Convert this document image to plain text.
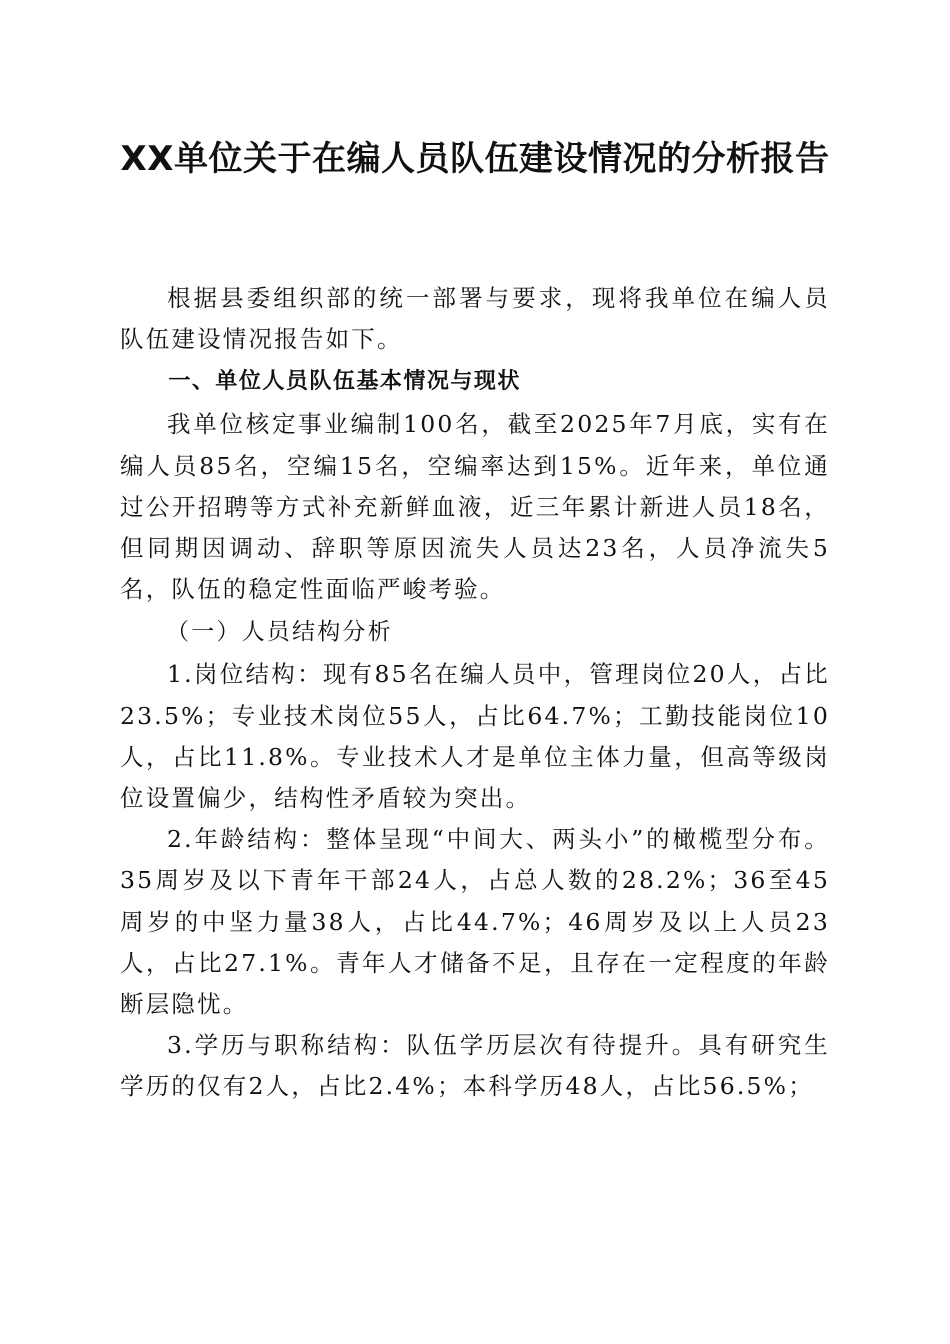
XX单位关于在编人员队伍建设情况的分析报告

根据县委组织部的统一部署与要求，现将我单位在编人员队伍建设情况报告如下。

一、单位人员队伍基本情况与现状

我单位核定事业编制100名，截至2025年7月底，实有在编人员85名，空编15名，空编率达到15%。近年来，单位通过公开招聘等方式补充新鲜血液，近三年累计新进人员18名，但同期因调动、辞职等原因流失人员达23名，人员净流失5名，队伍的稳定性面临严峻考验。

（一）人员结构分析

1.岗位结构：现有85名在编人员中，管理岗位20人，占比23.5%；专业技术岗位55人，占比64.7%；工勤技能岗位10人，占比11.8%。专业技术人才是单位主体力量，但高等级岗位设置偏少，结构性矛盾较为突出。

2.年龄结构：整体呈现“中间大、两头小”的橄榄型分布。35周岁及以下青年干部24人，占总人数的28.2%；36至45周岁的中坚力量38人，占比44.7%；46周岁及以上人员23人，占比27.1%。青年人才储备不足，且存在一定程度的年龄断层隐忧。

3.学历与职称结构：队伍学历层次有待提升。具有研究生学历的仅有2人，占比2.4%；本科学历48人，占比56.5%；
